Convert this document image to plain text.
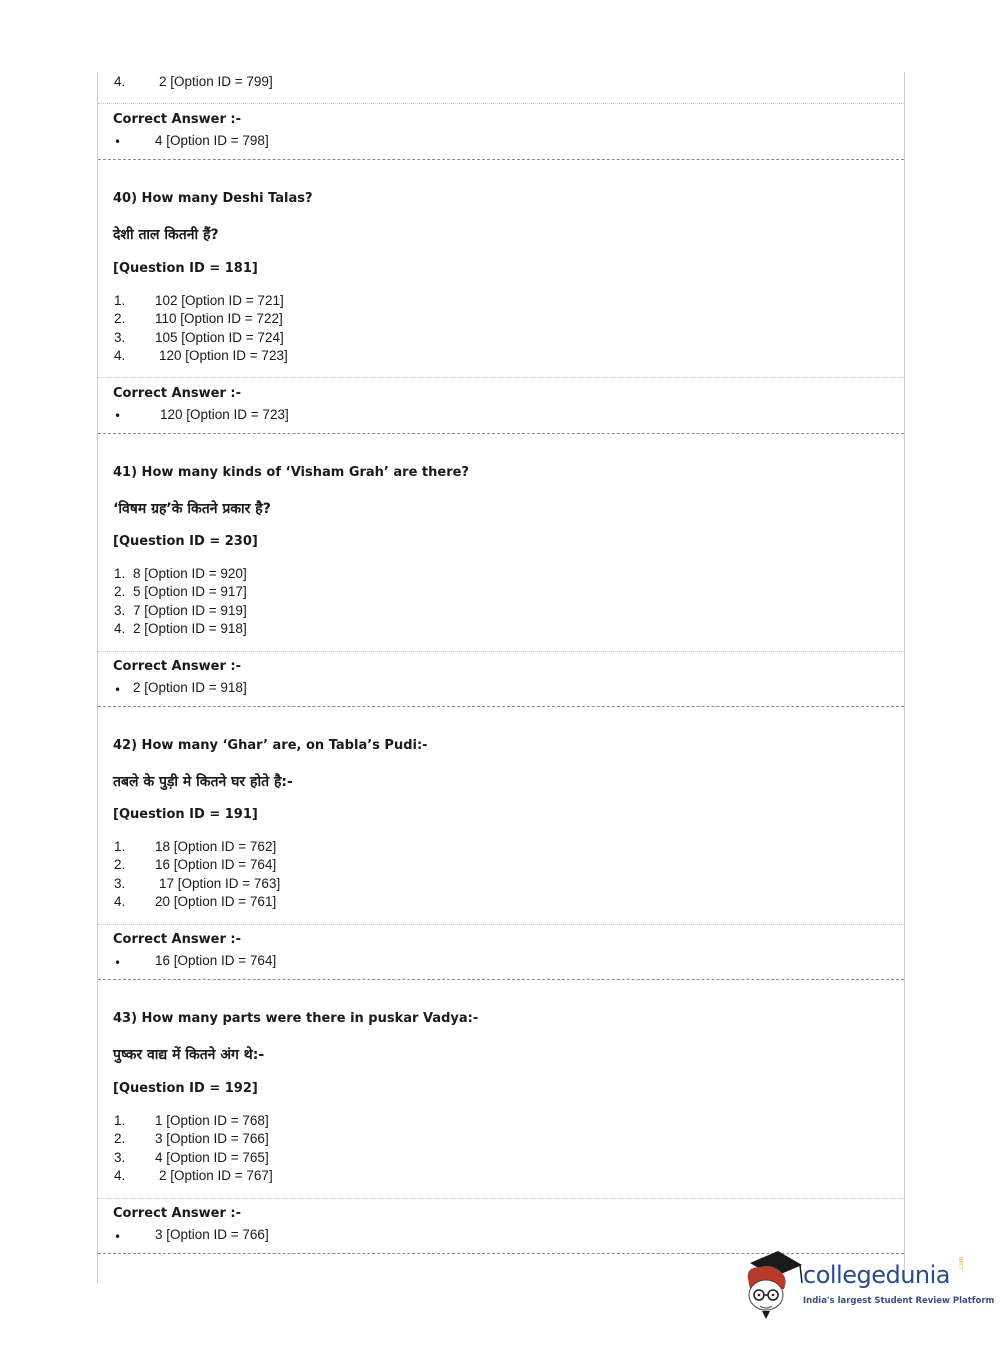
4. 2 [Option ID = 799]
Correct Answer :-
•	4 [Option ID = 798]
40) How many Deshi Talas?
देशी ताल कितनी हैं?
[Question ID = 181]
1. 102 [Option ID = 721]
2. 110 [Option ID = 722]
3. 105 [Option ID = 724]
4. 120 [Option ID = 723]
Correct Answer :-
•	120 [Option ID = 723]
41) How many kinds of ‘Visham Grah’ are there?
‘विषम ग्रह’के कितने प्रकार है?
[Question ID = 230]
1. 8 [Option ID = 920]
2. 5 [Option ID = 917]
3. 7 [Option ID = 919]
4. 2 [Option ID = 918]
Correct Answer :-
• 2 [Option ID = 918]
42) How many ‘Ghar’ are, on Tabla’s Pudi:-
तबले के पुड़ी मे कितने घर होते है:-
[Question ID = 191]
1. 18 [Option ID = 762]
2. 16 [Option ID = 764]
3. 17 [Option ID = 763]
4. 20 [Option ID = 761]
Correct Answer :-
•	16 [Option ID = 764]
43) How many parts were there in puskar Vadya:-
पुष्कर वाद्य में कितने अंग थे:-
[Question ID = 192]
1. 1 [Option ID = 768]
2. 3 [Option ID = 766]
3. 4 [Option ID = 765]
4. 2 [Option ID = 767]
Correct Answer :-
•	3 [Option ID = 766]
collegedunia .com
India's largest Student Review Platform
